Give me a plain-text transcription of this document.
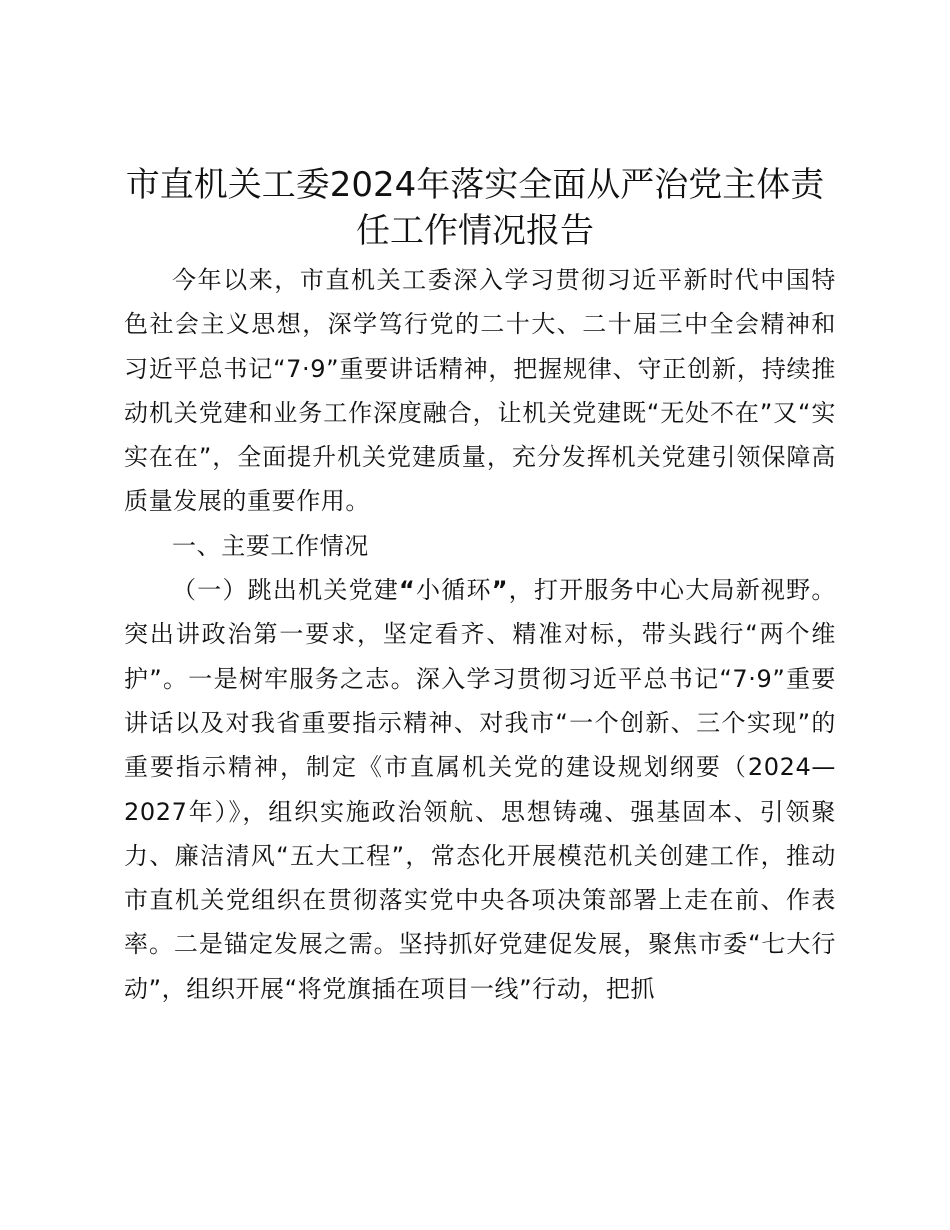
市直机关工委2024年落实全面从严治党主体责任工作情况报告

今年以来，市直机关工委深入学习贯彻习近平新时代中国特色社会主义思想，深学笃行党的二十大、二十届三中全会精神和习近平总书记“7·9”重要讲话精神，把握规律、守正创新，持续推动机关党建和业务工作深度融合，让机关党建既“无处不在”又“实实在在”，全面提升机关党建质量，充分发挥机关党建引领保障高质量发展的重要作用。

一、主要工作情况

（一）跳出机关党建“小循环”，打开服务中心大局新视野。突出讲政治第一要求，坚定看齐、精准对标，带头践行“两个维护”。一是树牢服务之志。深入学习贯彻习近平总书记“7·9”重要讲话以及对我省重要指示精神、对我市“一个创新、三个实现”的重要指示精神，制定《市直属机关党的建设规划纲要（2024—2027年）》，组织实施政治领航、思想铸魂、强基固本、引领聚力、廉洁清风“五大工程”，常态化开展模范机关创建工作，推动市直机关党组织在贯彻落实党中央各项决策部署上走在前、作表率。二是锚定发展之需。坚持抓好党建促发展，聚焦市委“七大行动”，组织开展“将党旗插在项目一线”行动，把抓
